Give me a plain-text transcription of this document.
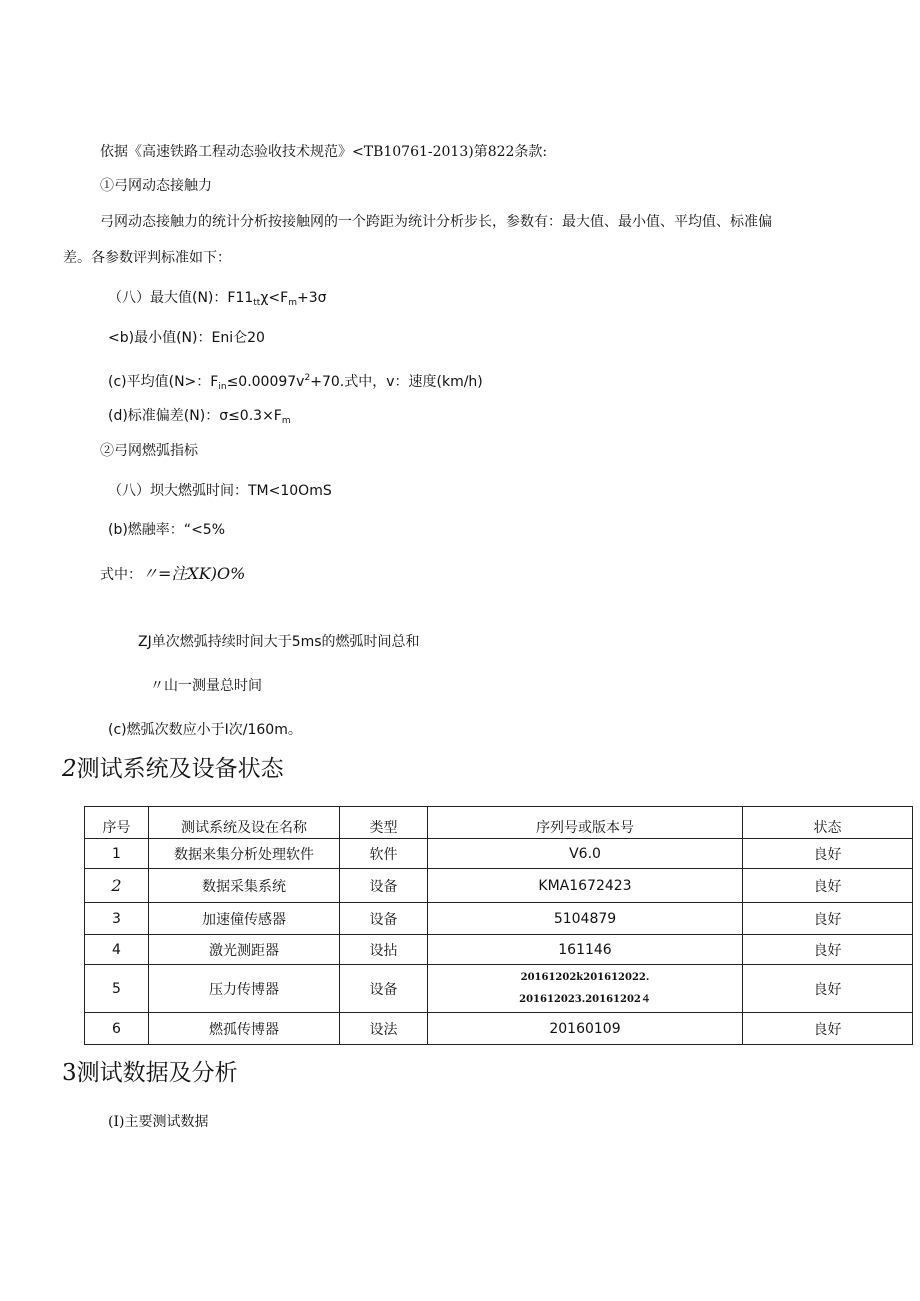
依据《高速铁路工程动态验收技术规范》<TB10761-2013)第822条款:
①弓网动态接触力
弓网动态接触力的统计分析按接触网的一个跨距为统计分析步长，参数有：最大值、最小值、平均值、标准偏
差。各参数评判标准如下：
（八）最大值(N)：$F11_{tt}\chi<F_m+3\sigma$
<b)最小值(N)：Eni仑20
(c)平均值(N>：$F_{in}\le 0.00097v^2+70$.式中，v：速度(km/h)
(d)标准偏差(N)：$\sigma\le 0.3\times F_m$
②弓网燃弧指标
（八）坝大燃弧时间：TM<10OmS
(b)燃融率：“<5%
式中：〃=注XK)O%
ZJ单次燃弧持续时间大于5ms的燃弧时间总和
〃山一测量总时间
(c)燃弧次数应小于I次/160m。
2测试系统及设备状态
序号	测试系统及设在名称	类型	序列号或版本号	状态
1	数据来集分析处理软件	软件	V6.0	良好
2	数据采集系统	设备	KMA1672423	良好
3	加速僮传感器	设备	5104879	良好
4	激光测距器	设拈	161146	良好
5	压力传博器	设备	20161202k201612022.
201612023.20161202４	良好
6	燃孤传博器	设法	20160109	良好
3测试数据及分析
(I)主要测试数据
